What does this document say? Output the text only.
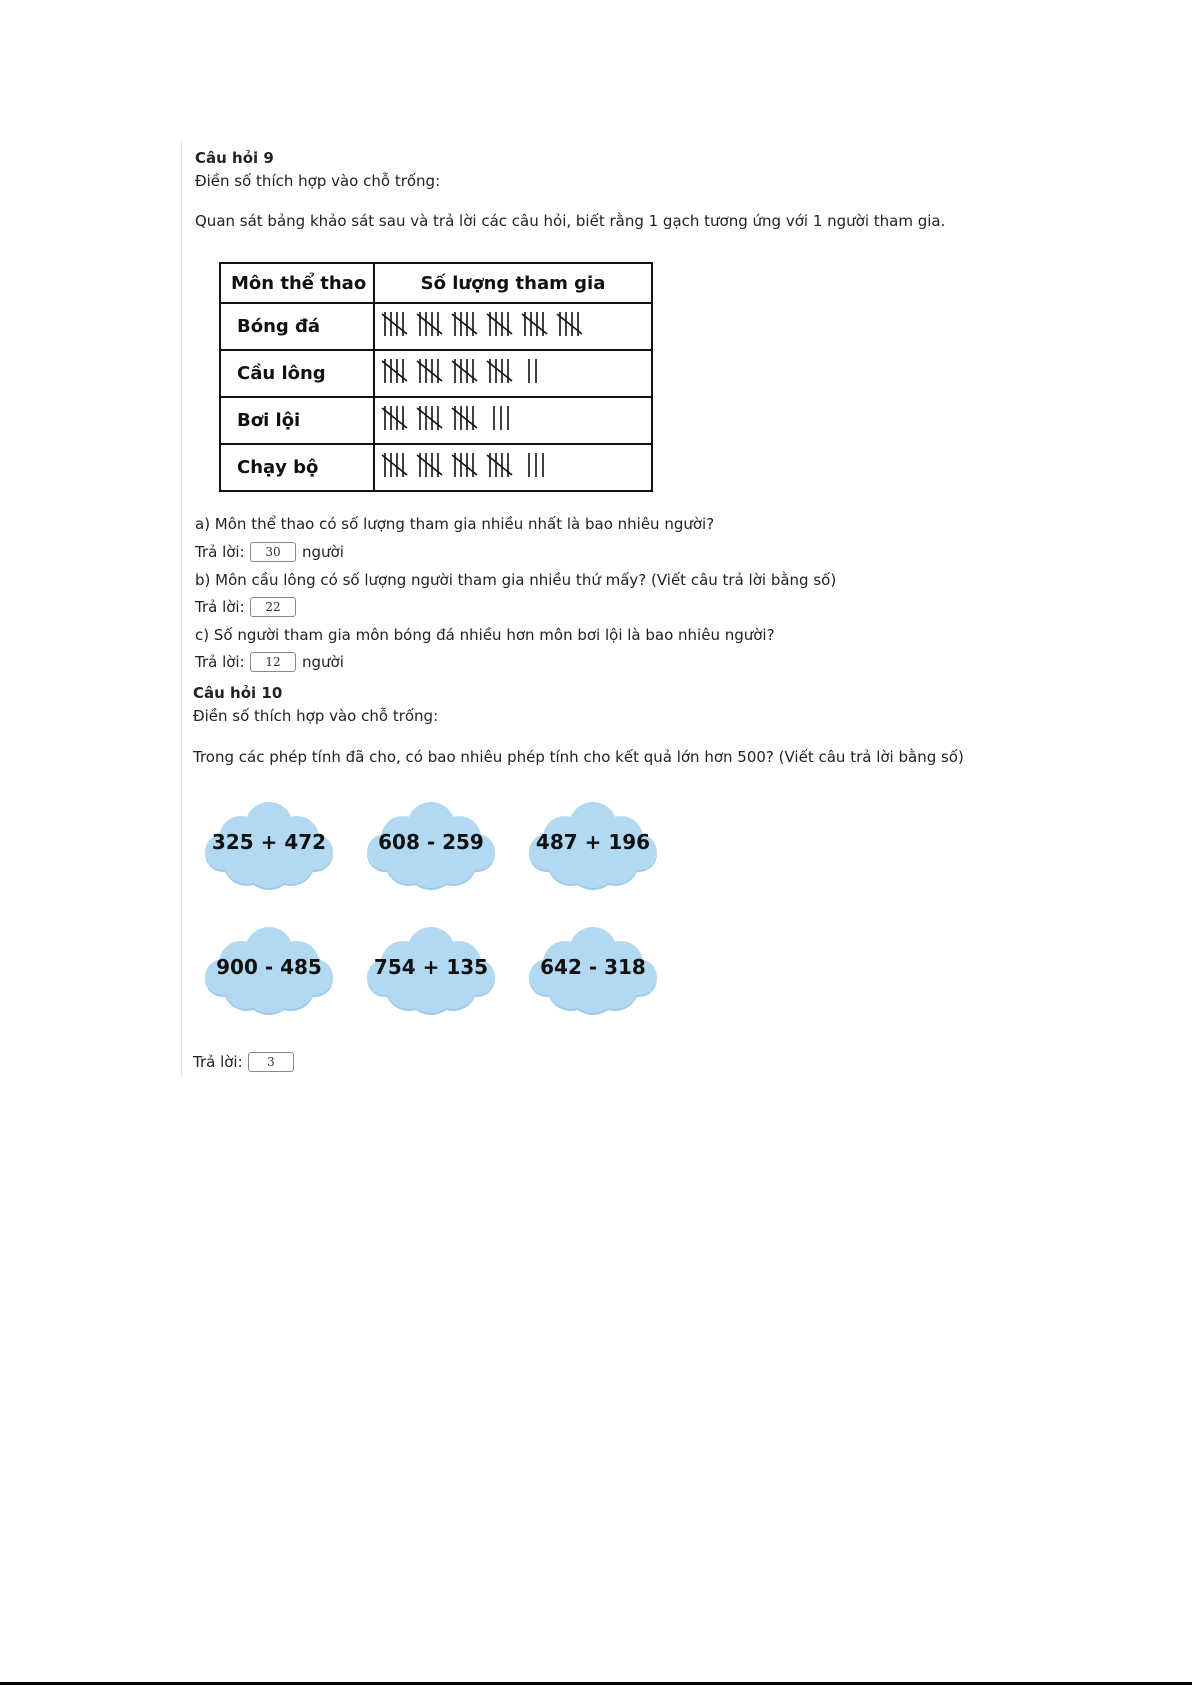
Câu hỏi 9
Điền số thích hợp vào chỗ trống:
Quan sát bảng khảo sát sau và trả lời các câu hỏi, biết rằng 1 gạch tương ứng với 1 người tham gia.
Môn thể thao	Số lượng tham gia
Bóng đá	
Cầu lông	
Bơi lội	
Chạy bộ	
a) Môn thể thao có số lượng tham gia nhiều nhất là bao nhiêu người?
Trả lời:	30	người
b) Môn cầu lông có số lượng người tham gia nhiều thứ mấy? (Viết câu trả lời bằng số)
Trả lời:	22
c) Số người tham gia môn bóng đá nhiều hơn môn bơi lội là bao nhiêu người?
Trả lời:	12	người
Câu hỏi 10
Điền số thích hợp vào chỗ trống:
Trong các phép tính đã cho, có bao nhiêu phép tính cho kết quả lớn hơn 500? (Viết câu trả lời bằng số)
325 + 472	608 - 259	487 + 196
900 - 485	754 + 135	642 - 318
Trả lời:	3
